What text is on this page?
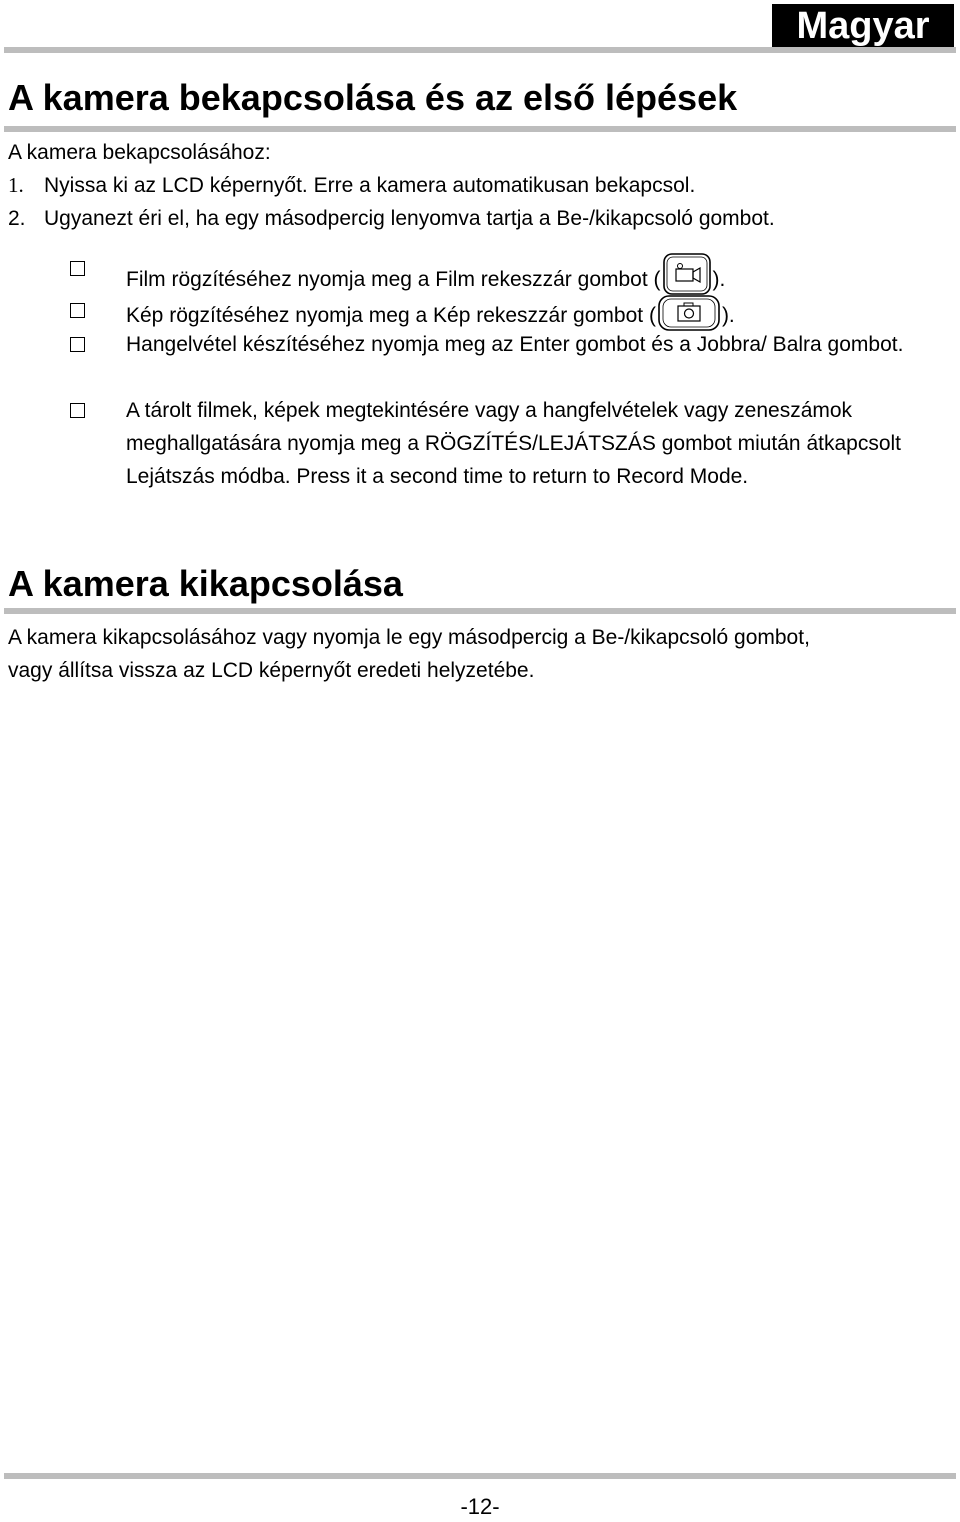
Magyar
A kamera bekapcsolása és az első lépések
A kamera bekapcsolásához:
1. Nyissa ki az LCD képernyőt. Erre a kamera automatikusan bekapcsol.
2. Ugyanezt éri el, ha egy másodpercig lenyomva tartja a Be-/kikapcsoló gombot.
Film rögzítéséhez nyomja meg a Film rekeszzár gombot ( ).
Kép rögzítéséhez nyomja meg a Kép rekeszzár gombot (	).
Hangelvétel készítéséhez nyomja meg az Enter gombot és a Jobbra/ Balra gombot.
A tárolt filmek, képek megtekintésére vagy a hangfelvételek vagy zeneszámok meghallgatására nyomja meg a RÖGZÍTÉS/LEJÁTSZÁS gombot miután átkapcsolt Lejátszás módba. Press it a second time to return to Record Mode.
A kamera kikapcsolása
A kamera kikapcsolásához vagy nyomja le egy másodpercig a Be-/kikapcsoló gombot,
vagy állítsa vissza az LCD képernyőt eredeti helyzetébe.
-12-
